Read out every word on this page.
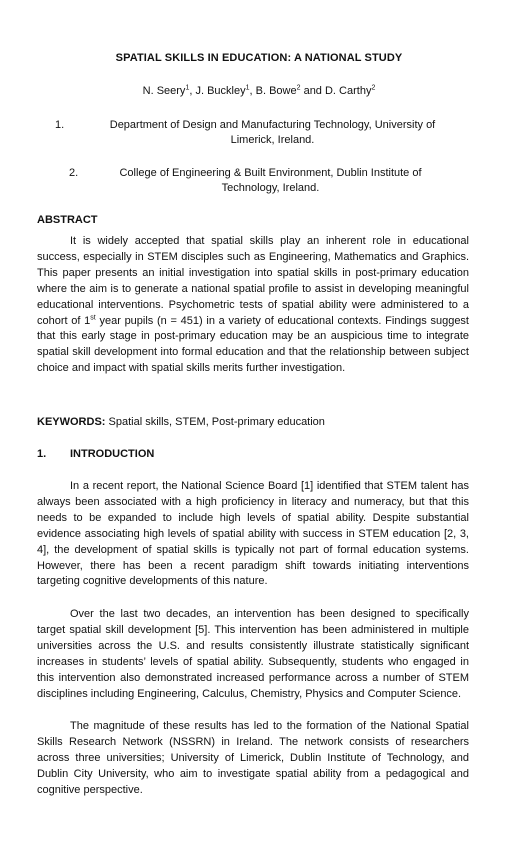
SPATIAL SKILLS IN EDUCATION: A NATIONAL STUDY
N. Seery$^1$, J. Buckley$^1$, B. Bowe$^2$ and D. Carthy$^2$
1.	Department of Design and Manufacturing Technology, University of
Limerick, Ireland.
2.	College of Engineering & Built Environment, Dublin Institute of
Technology, Ireland.
ABSTRACT
It is widely accepted that spatial skills play an inherent role in educational success, especially in STEM disciples such as Engineering, Mathematics and Graphics. This paper presents an initial investigation into spatial skills in post-primary education where the aim is to generate a national spatial profile to assist in developing meaningful educational interventions. Psychometric tests of spatial ability were administered to a cohort of 1st year pupils (n = 451) in a variety of educational contexts. Findings suggest that this early stage in post-primary education may be an auspicious time to integrate spatial skill development into formal education and that the relationship between subject choice and impact with spatial skills merits further investigation.
KEYWORDS: Spatial skills, STEM, Post-primary education
1. INTRODUCTION
In a recent report, the National Science Board [1] identified that STEM talent has always been associated with a high proficiency in literacy and numeracy, but that this needs to be expanded to include high levels of spatial ability. Despite substantial evidence associating high levels of spatial ability with success in STEM education [2, 3, 4], the development of spatial skills is typically not part of formal education systems. However, there has been a recent paradigm shift towards initiating interventions targeting cognitive developments of this nature.
Over the last two decades, an intervention has been designed to specifically target spatial skill development [5]. This intervention has been administered in multiple universities across the U.S. and results consistently illustrate statistically significant increases in students’ levels of spatial ability. Subsequently, students who engaged in this intervention also demonstrated increased performance across a number of STEM disciplines including Engineering, Calculus, Chemistry, Physics and Computer Science.
The magnitude of these results has led to the formation of the National Spatial Skills Research Network (NSSRN) in Ireland. The network consists of researchers across three universities; University of Limerick, Dublin Institute of Technology, and Dublin City University, who aim to investigate spatial ability from a pedagogical and cognitive perspective.
